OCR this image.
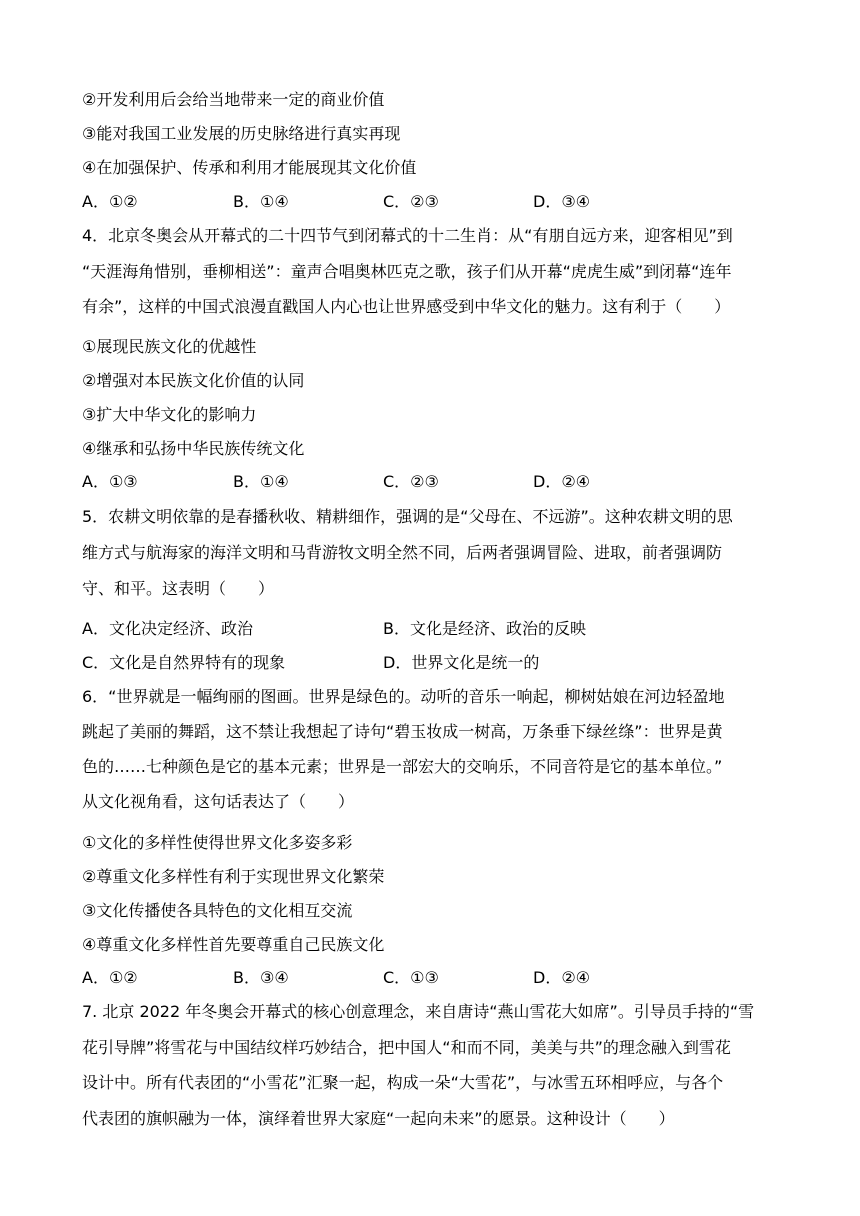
②开发利用后会给当地带来一定的商业价值
③能对我国工业发展的历史脉络进行真实再现
④在加强保护、传承和利用才能展现其文化价值
A．①②	B．①④	C．②③	D．③④
4．北京冬奥会从开幕式的二十四节气到闭幕式的十二生肖：从“有朋自远方来，迎客相见”到
“天涯海角惜别，垂柳相送”：童声合唱奥林匹克之歌，孩子们从开幕“虎虎生威”到闭幕“连年
有余”，这样的中国式浪漫直戳国人内心也让世界感受到中华文化的魅力。这有利于（　　）
①展现民族文化的优越性
②增强对本民族文化价值的认同
③扩大中华文化的影响力
④继承和弘扬中华民族传统文化
A．①③	B．①④	C．②③	D．②④
5．农耕文明依靠的是春播秋收、精耕细作，强调的是“父母在、不远游”。这种农耕文明的思
维方式与航海家的海洋文明和马背游牧文明全然不同，后两者强调冒险、进取，前者强调防
守、和平。这表明（　　）
A．文化决定经济、政治	B．文化是经济、政治的反映
C．文化是自然界特有的现象	D．世界文化是统一的
6．“世界就是一幅绚丽的图画。世界是绿色的。动听的音乐一响起，柳树姑娘在河边轻盈地
跳起了美丽的舞蹈，这不禁让我想起了诗句“碧玉妆成一树高，万条垂下绿丝绦”：世界是黄
色的……七种颜色是它的基本元素；世界是一部宏大的交响乐，不同音符是它的基本单位。”
从文化视角看，这句话表达了（　　）
①文化的多样性使得世界文化多姿多彩
②尊重文化多样性有利于实现世界文化繁荣
③文化传播使各具特色的文化相互交流
④尊重文化多样性首先要尊重自己民族文化
A．①②	B．③④	C．①③	D．②④
7. 北京 2022 年冬奥会开幕式的核心创意理念，来自唐诗“燕山雪花大如席”。引导员手持的“雪
花引导牌”将雪花与中国结纹样巧妙结合，把中国人“和而不同，美美与共”的理念融入到雪花
设计中。所有代表团的“小雪花”汇聚一起，构成一朵“大雪花”，与冰雪五环相呼应，与各个
代表团的旗帜融为一体，演绎着世界大家庭“一起向未来”的愿景。这种设计（　　）
